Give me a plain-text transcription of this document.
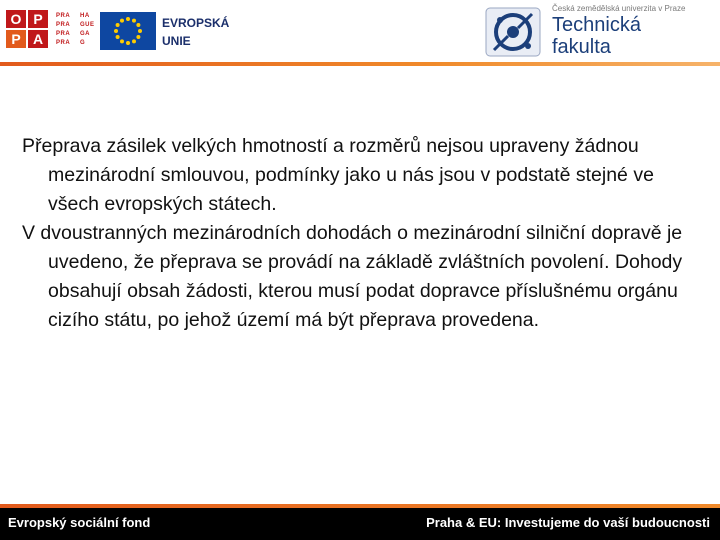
O P
P A
PRA	HA
PRA	GUE
PRA	GA
PRA	G
EVROPSKÁ
UNIE
Česká zemědělská univerzita v Praze
Technická
fakulta

Přeprava zásilek velkých hmotností a rozměrů nejsou upraveny žádnou mezinárodní smlouvou, podmínky jako u nás jsou v podstatě stejné ve všech evropských státech.

V dvoustranných mezinárodních dohodách o mezinárodní silniční dopravě je uvedeno, že přeprava se provádí na základě zvláštních povolení. Dohody obsahují obsah žádosti, kterou musí podat dopravce příslušnému orgánu cizího státu, po jehož území má být přeprava provedena.

Evropský sociální fond	Praha & EU: Investujeme do vaší budoucnosti
